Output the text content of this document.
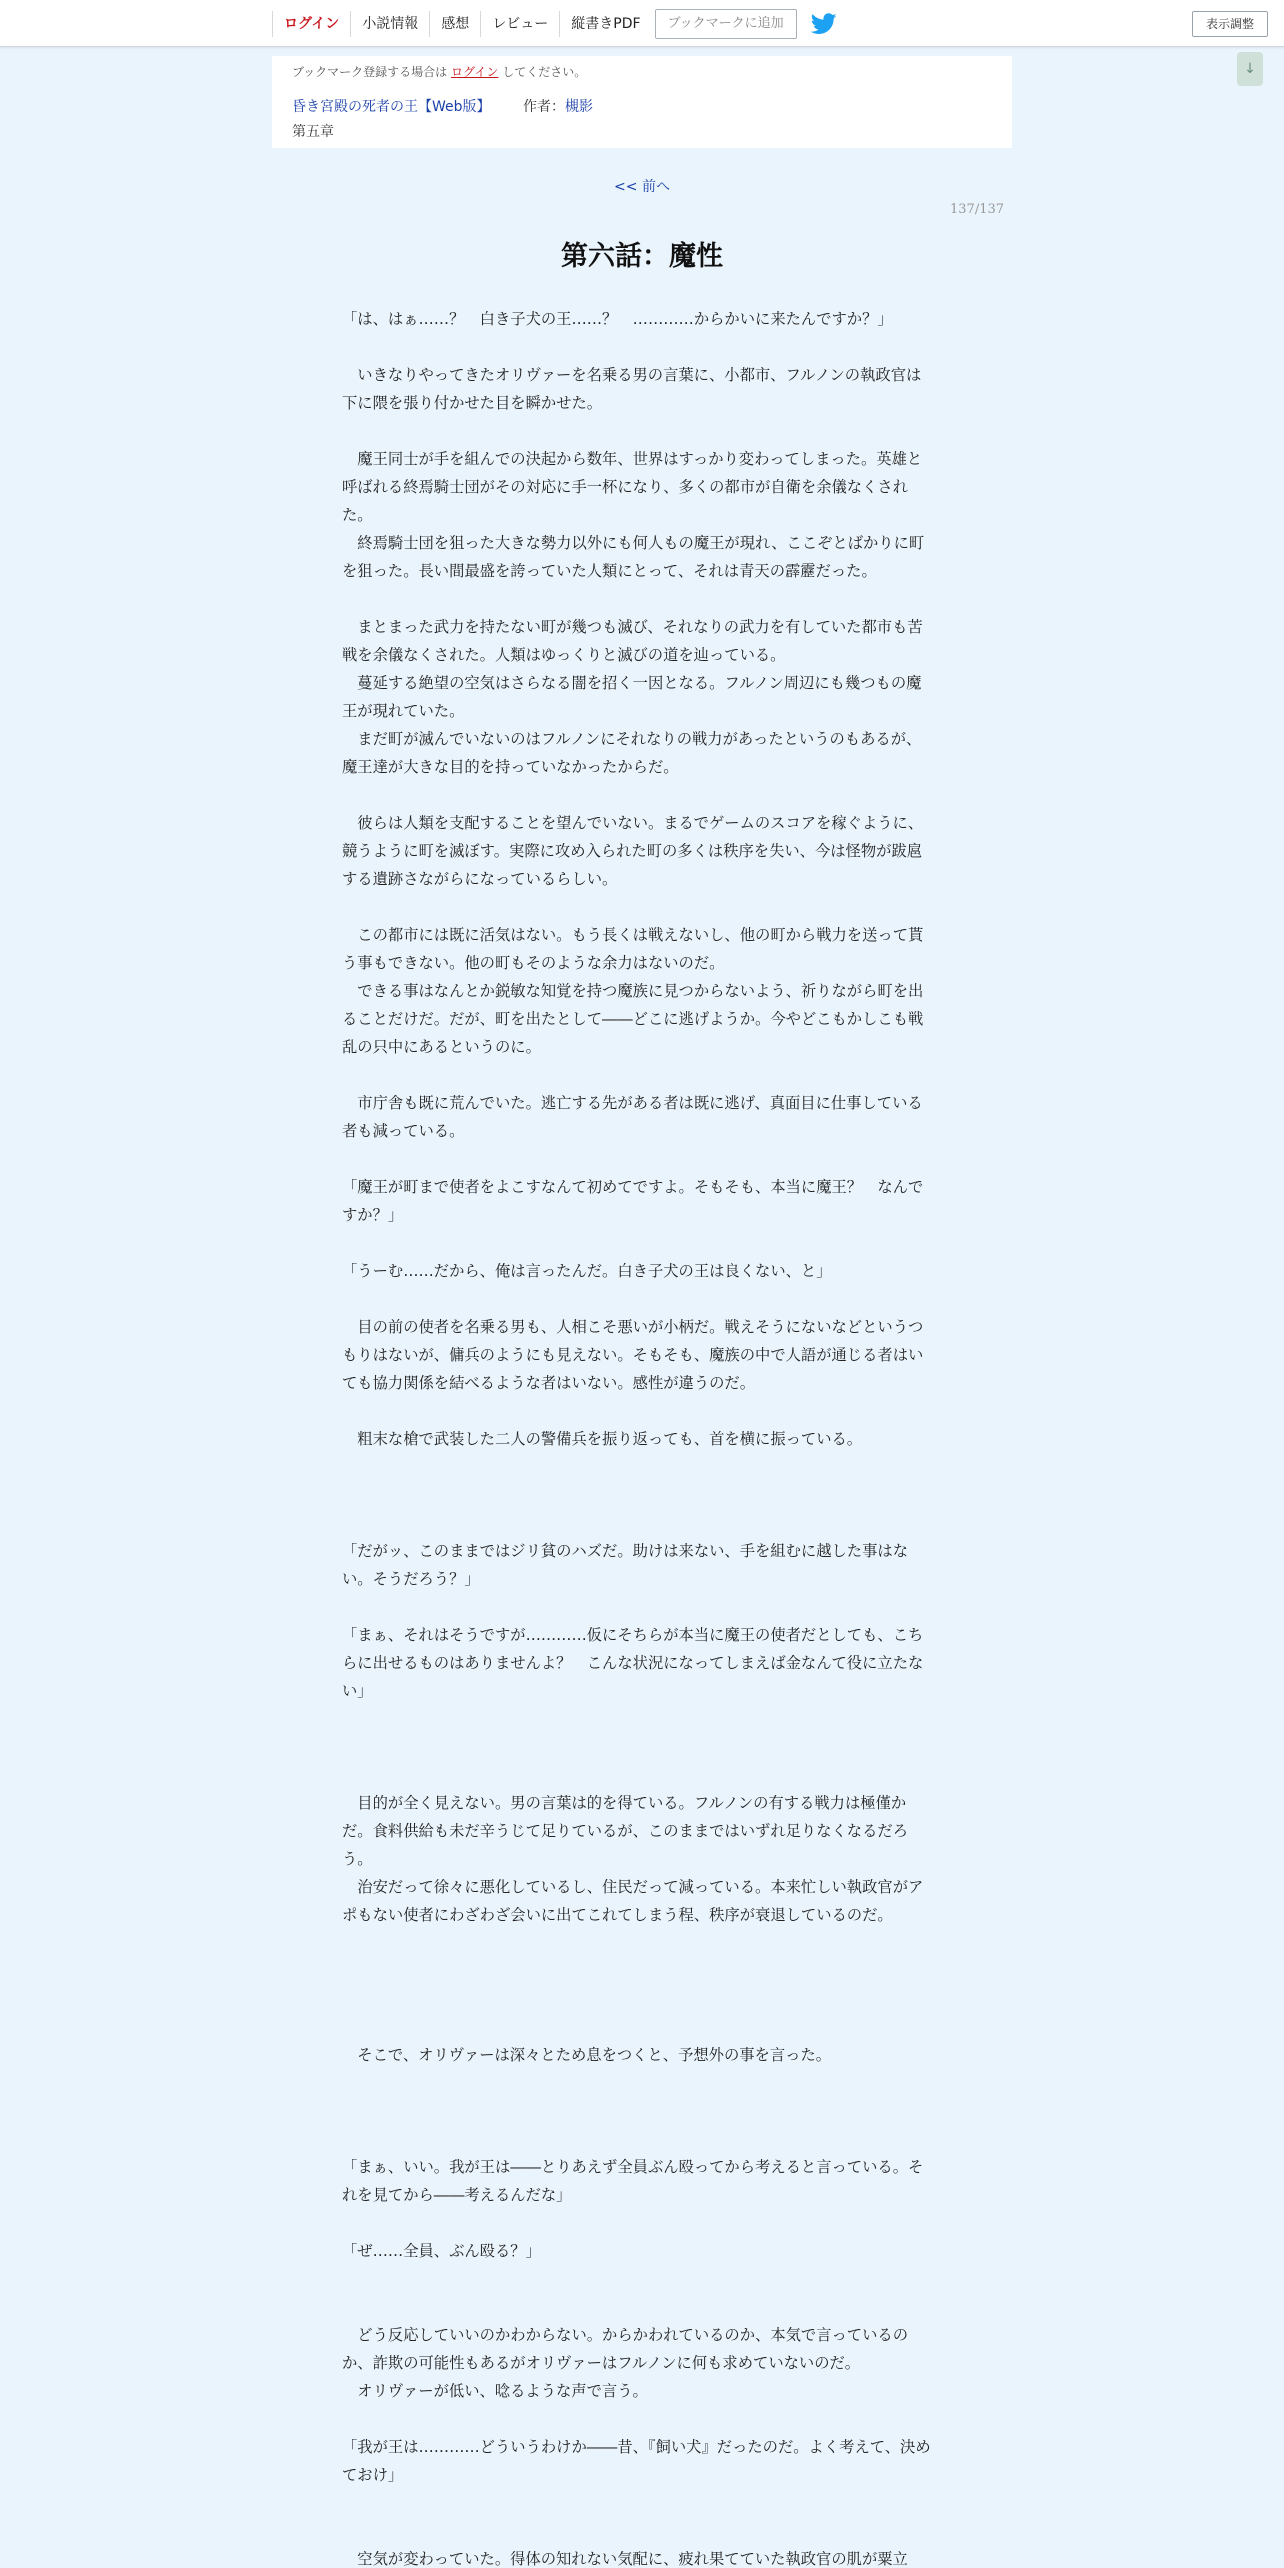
ログイン	小説情報	感想	レビュー	縦書きPDF	ブックマークに追加	表示調整
↓
ブックマーク登録する場合は ログイン してください。
昏き宮殿の死者の王【Web版】 作者：槻影
第五章
<< 前へ
137/137
第六話：魔性

「は、はぁ……？　白き子犬の王……？　…………からかいに来たんですか？」

　いきなりやってきたオリヴァーを名乗る男の言葉に、小都市、フルノンの執政官は下に隈を張り付かせた目を瞬かせた。

　魔王同士が手を組んでの決起から数年、世界はすっかり変わってしまった。英雄と呼ばれる終焉騎士団がその対応に手一杯になり、多くの都市が自衛を余儀なくされた。

　終焉騎士団を狙った大きな勢力以外にも何人もの魔王が現れ、ここぞとばかりに町を狙った。長い間最盛を誇っていた人類にとって、それは青天の霹靂だった。

　まとまった武力を持たない町が幾つも滅び、それなりの武力を有していた都市も苦戦を余儀なくされた。人類はゆっくりと滅びの道を辿っている。

　蔓延する絶望の空気はさらなる闇を招く一因となる。フルノン周辺にも幾つもの魔王が現れていた。

　まだ町が滅んでいないのはフルノンにそれなりの戦力があったというのもあるが、魔王達が大きな目的を持っていなかったからだ。

　彼らは人類を支配することを望んでいない。まるでゲームのスコアを稼ぐように、競うように町を滅ぼす。実際に攻め入られた町の多くは秩序を失い、今は怪物が跋扈する遺跡さながらになっているらしい。

　この都市には既に活気はない。もう長くは戦えないし、他の町から戦力を送って貰う事もできない。他の町もそのような余力はないのだ。

　できる事はなんとか鋭敏な知覚を持つ魔族に見つからないよう、祈りながら町を出ることだけだ。だが、町を出たとして――どこに逃げようか。今やどこもかしこも戦乱の只中にあるというのに。

　市庁舎も既に荒んでいた。逃亡する先がある者は既に逃げ、真面目に仕事している者も減っている。

「魔王が町まで使者をよこすなんて初めてですよ。そもそも、本当に魔王？　なんですか？」

「うーむ……だから、俺は言ったんだ。白き子犬の王は良くない、と」

　目の前の使者を名乗る男も、人相こそ悪いが小柄だ。戦えそうにないなどというつもりはないが、傭兵のようにも見えない。そもそも、魔族の中で人語が通じる者はいても協力関係を結べるような者はいない。感性が違うのだ。

　粗末な槍で武装した二人の警備兵を振り返っても、首を横に振っている。

「だがッ、このままではジリ貧のハズだ。助けは来ない、手を組むに越した事はない。そうだろう？」

「まぁ、それはそうですが…………仮にそちらが本当に魔王の使者だとしても、こちらに出せるものはありませんよ？　こんな状況になってしまえば金なんて役に立たない」

　目的が全く見えない。男の言葉は的を得ている。フルノンの有する戦力は極僅かだ。食料供給も未だ辛うじて足りているが、このままではいずれ足りなくなるだろう。

　治安だって徐々に悪化しているし、住民だって減っている。本来忙しい執政官がアポもない使者にわざわざ会いに出てこれてしまう程、秩序が衰退しているのだ。

　そこで、オリヴァーは深々とため息をつくと、予想外の事を言った。

「まぁ、いい。我が王は――とりあえず全員ぶん殴ってから考えると言っている。それを見てから――考えるんだな」

「ぜ……全員、ぶん殴る？」

　どう反応していいのかわからない。からかわれているのか、本気で言っているのか、詐欺の可能性もあるがオリヴァーはフルノンに何も求めていないのだ。

　オリヴァーが低い、唸るような声で言う。

「我が王は…………どういうわけか――昔、『飼い犬』だったのだ。よく考えて、決めておけ」

　空気が変わっていた。得体の知れない気配に、疲れ果てていた執政官の肌が粟立
